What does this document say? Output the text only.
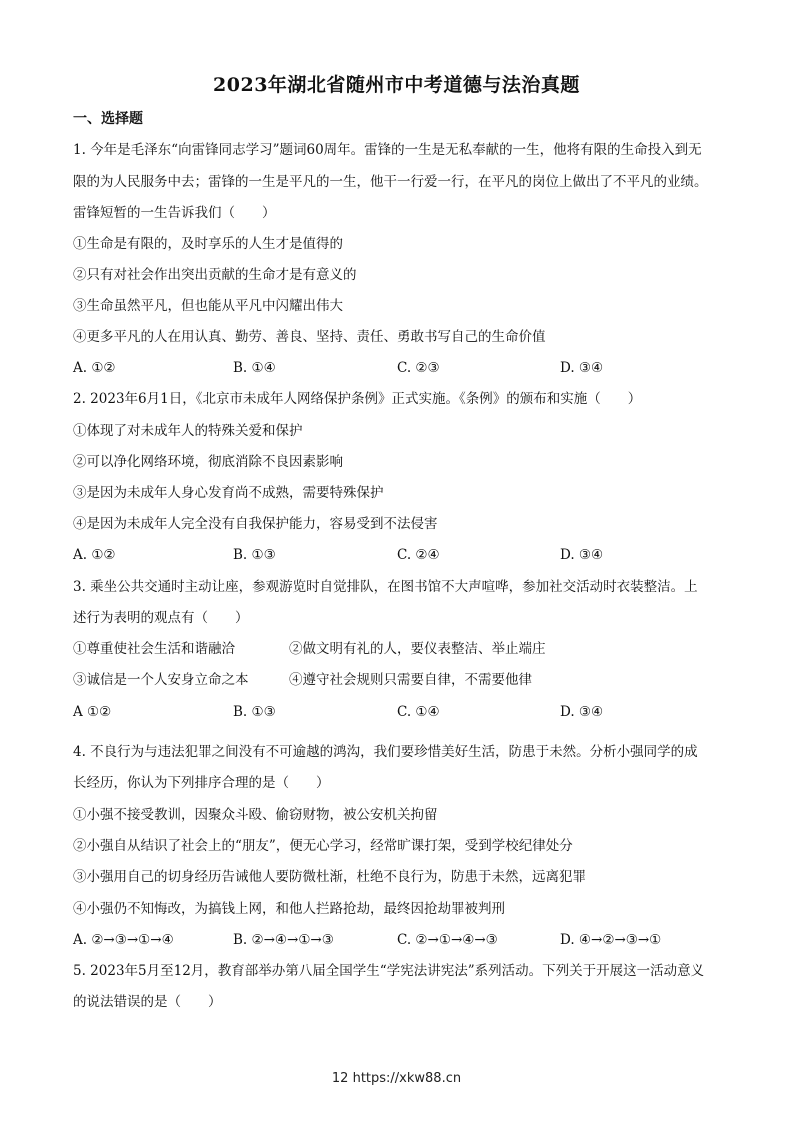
2023年湖北省随州市中考道德与法治真题
一、选择题
1. 今年是毛泽东“向雷锋同志学习”题词60周年。雷锋的一生是无私奉献的一生，他将有限的生命投入到无
限的为人民服务中去；雷锋的一生是平凡的一生，他干一行爱一行，在平凡的岗位上做出了不平凡的业绩。
雷锋短暂的一生告诉我们（　　）
①生命是有限的，及时享乐的人生才是值得的
②只有对社会作出突出贡献的生命才是有意义的
③生命虽然平凡，但也能从平凡中闪耀出伟大
④更多平凡的人在用认真、勤劳、善良、坚持、责任、勇敢书写自己的生命价值
A. ①②	B. ①④	C. ②③	D. ③④
2. 2023年6月1日，《北京市未成年人网络保护条例》正式实施。《条例》的颁布和实施（　　）
①体现了对未成年人的特殊关爱和保护
②可以净化网络环境，彻底消除不良因素影响
③是因为未成年人身心发育尚不成熟，需要特殊保护
④是因为未成年人完全没有自我保护能力，容易受到不法侵害
A. ①②	B. ①③	C. ②④	D. ③④
3. 乘坐公共交通时主动让座，参观游览时自觉排队，在图书馆不大声喧哗，参加社交活动时衣装整洁。上
述行为表明的观点有（　　）
①尊重使社会生活和谐融洽	②做文明有礼的人，要仪表整洁、举止端庄
③诚信是一个人安身立命之本	④遵守社会规则只需要自律，不需要他律
A ①②	B. ①③	C. ①④	D. ③④
4. 不良行为与违法犯罪之间没有不可逾越的鸿沟，我们要珍惜美好生活，防患于未然。分析小强同学的成
长经历，你认为下列排序合理的是（　　）
①小强不接受教训，因聚众斗殴、偷窃财物，被公安机关拘留
②小强自从结识了社会上的“朋友”，便无心学习，经常旷课打架，受到学校纪律处分
③小强用自己的切身经历告诫他人要防微杜渐，杜绝不良行为，防患于未然，远离犯罪
④小强仍不知悔改，为搞钱上网，和他人拦路抢劫，最终因抢劫罪被判刑
A. ②→③→①→④	B. ②→④→①→③	C. ②→①→④→③	D. ④→②→③→①
5. 2023年5月至12月，教育部举办第八届全国学生“学宪法讲宪法”系列活动。下列关于开展这一活动意义
的说法错误的是（　　）
12 https://xkw88.cn
